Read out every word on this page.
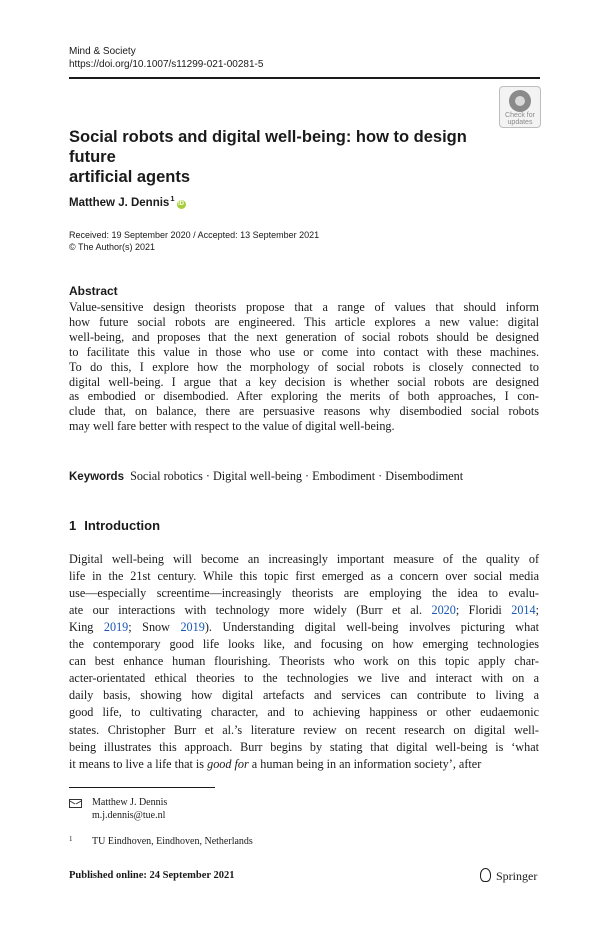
Mind & Society
https://doi.org/10.1007/s11299-021-00281-5
Check for
updates
Social robots and digital well-being: how to design future
artificial agents
Matthew J. Dennis$^1$iD
Received: 19 September 2020 / Accepted: 13 September 2021
© The Author(s) 2021
Abstract
Value-sensitive design theorists propose that a range of values that should inform
how future social robots are engineered. This article explores a new value: digital
well-being, and proposes that the next generation of social robots should be designed
to facilitate this value in those who use or come into contact with these machines.
To do this, I explore how the morphology of social robots is closely connected to
digital well-being. I argue that a key decision is whether social robots are designed
as embodied or disembodied. After exploring the merits of both approaches, I con-
clude that, on balance, there are persuasive reasons why disembodied social robots
may well fare better with respect to the value of digital well-being.
Keywords Social robotics · Digital well-being · Embodiment · Disembodiment
1 Introduction
Digital well-being will become an increasingly important measure of the quality of
life in the 21st century. While this topic first emerged as a concern over social media
use—especially screentime—increasingly theorists are employing the idea to evalu-
ate our interactions with technology more widely (Burr et al. 2020; Floridi 2014;
King 2019; Snow 2019). Understanding digital well-being involves picturing what
the contemporary good life looks like, and focusing on how emerging technologies
can best enhance human flourishing. Theorists who work on this topic apply char-
acter-orientated ethical theories to the technologies we live and interact with on a
daily basis, showing how digital artefacts and services can contribute to living a
good life, to cultivating character, and to achieving happiness or other eudaemonic
states. Christopher Burr et al.’s literature review on recent research on digital well-
being illustrates this approach. Burr begins by stating that digital well-being is ‘what
it means to live a life that is good for a human being in an information society’, after
Matthew J. Dennis
m.j.dennis@tue.nl
1 TU Eindhoven, Eindhoven, Netherlands
Published online: 24 September 2021	Springer
